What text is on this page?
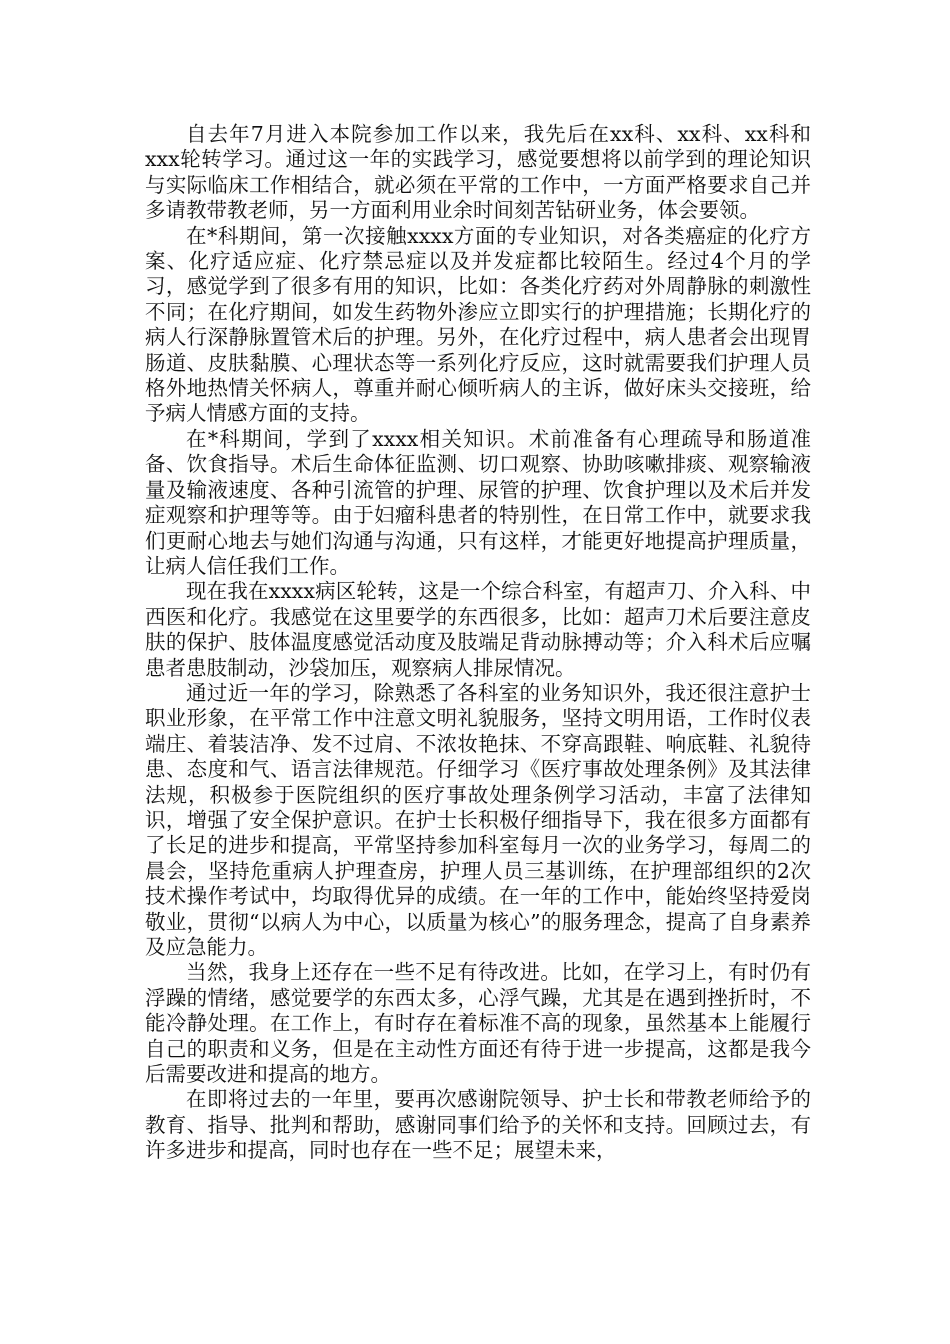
自去年7月进入本院参加工作以来，我先后在xx科、xx科、xx科和xxx轮转学习。通过这一年的实践学习，感觉要想将以前学到的理论知识与实际临床工作相结合，就必须在平常的工作中，一方面严格要求自己并多请教带教老师，另一方面利用业余时间刻苦钻研业务，体会要领。

在*科期间，第一次接触xxxx方面的专业知识，对各类癌症的化疗方案、化疗适应症、化疗禁忌症以及并发症都比较陌生。经过4个月的学习，感觉学到了很多有用的知识，比如：各类化疗药对外周静脉的刺激性不同；在化疗期间，如发生药物外渗应立即实行的护理措施；长期化疗的病人行深静脉置管术后的护理。另外，在化疗过程中，病人患者会出现胃肠道、皮肤黏膜、心理状态等一系列化疗反应，这时就需要我们护理人员格外地热情关怀病人，尊重并耐心倾听病人的主诉，做好床头交接班，给予病人情感方面的支持。

在*科期间，学到了xxxx相关知识。术前准备有心理疏导和肠道准备、饮食指导。术后生命体征监测、切口观察、协助咳嗽排痰、观察输液量及输液速度、各种引流管的护理、尿管的护理、饮食护理以及术后并发症观察和护理等等。由于妇瘤科患者的特别性，在日常工作中，就要求我们更耐心地去与她们沟通与沟通，只有这样，才能更好地提高护理质量，让病人信任我们工作。

现在我在xxxx病区轮转，这是一个综合科室，有超声刀、介入科、中西医和化疗。我感觉在这里要学的东西很多，比如：超声刀术后要注意皮肤的保护、肢体温度感觉活动度及肢端足背动脉搏动等；介入科术后应嘱患者患肢制动，沙袋加压，观察病人排尿情况。

通过近一年的学习，除熟悉了各科室的业务知识外，我还很注意护士职业形象，在平常工作中注意文明礼貌服务，坚持文明用语，工作时仪表端庄、着装洁净、发不过肩、不浓妆艳抹、不穿高跟鞋、响底鞋、礼貌待患、态度和气、语言法律规范。仔细学习《医疗事故处理条例》及其法律法规，积极参于医院组织的医疗事故处理条例学习活动，丰富了法律知识，增强了安全保护意识。在护士长积极仔细指导下，我在很多方面都有了长足的进步和提高，平常坚持参加科室每月一次的业务学习，每周二的晨会，坚持危重病人护理查房，护理人员三基训练，在护理部组织的2次技术操作考试中，均取得优异的成绩。在一年的工作中，能始终坚持爱岗敬业，贯彻“以病人为中心，以质量为核心”的服务理念，提高了自身素养及应急能力。

当然，我身上还存在一些不足有待改进。比如，在学习上，有时仍有浮躁的情绪，感觉要学的东西太多，心浮气躁，尤其是在遇到挫折时，不能冷静处理。在工作上，有时存在着标准不高的现象，虽然基本上能履行自己的职责和义务，但是在主动性方面还有待于进一步提高，这都是我今后需要改进和提高的地方。

在即将过去的一年里，要再次感谢院领导、护士长和带教老师给予的教育、指导、批判和帮助，感谢同事们给予的关怀和支持。回顾过去，有许多进步和提高，同时也存在一些不足；展望未来，
